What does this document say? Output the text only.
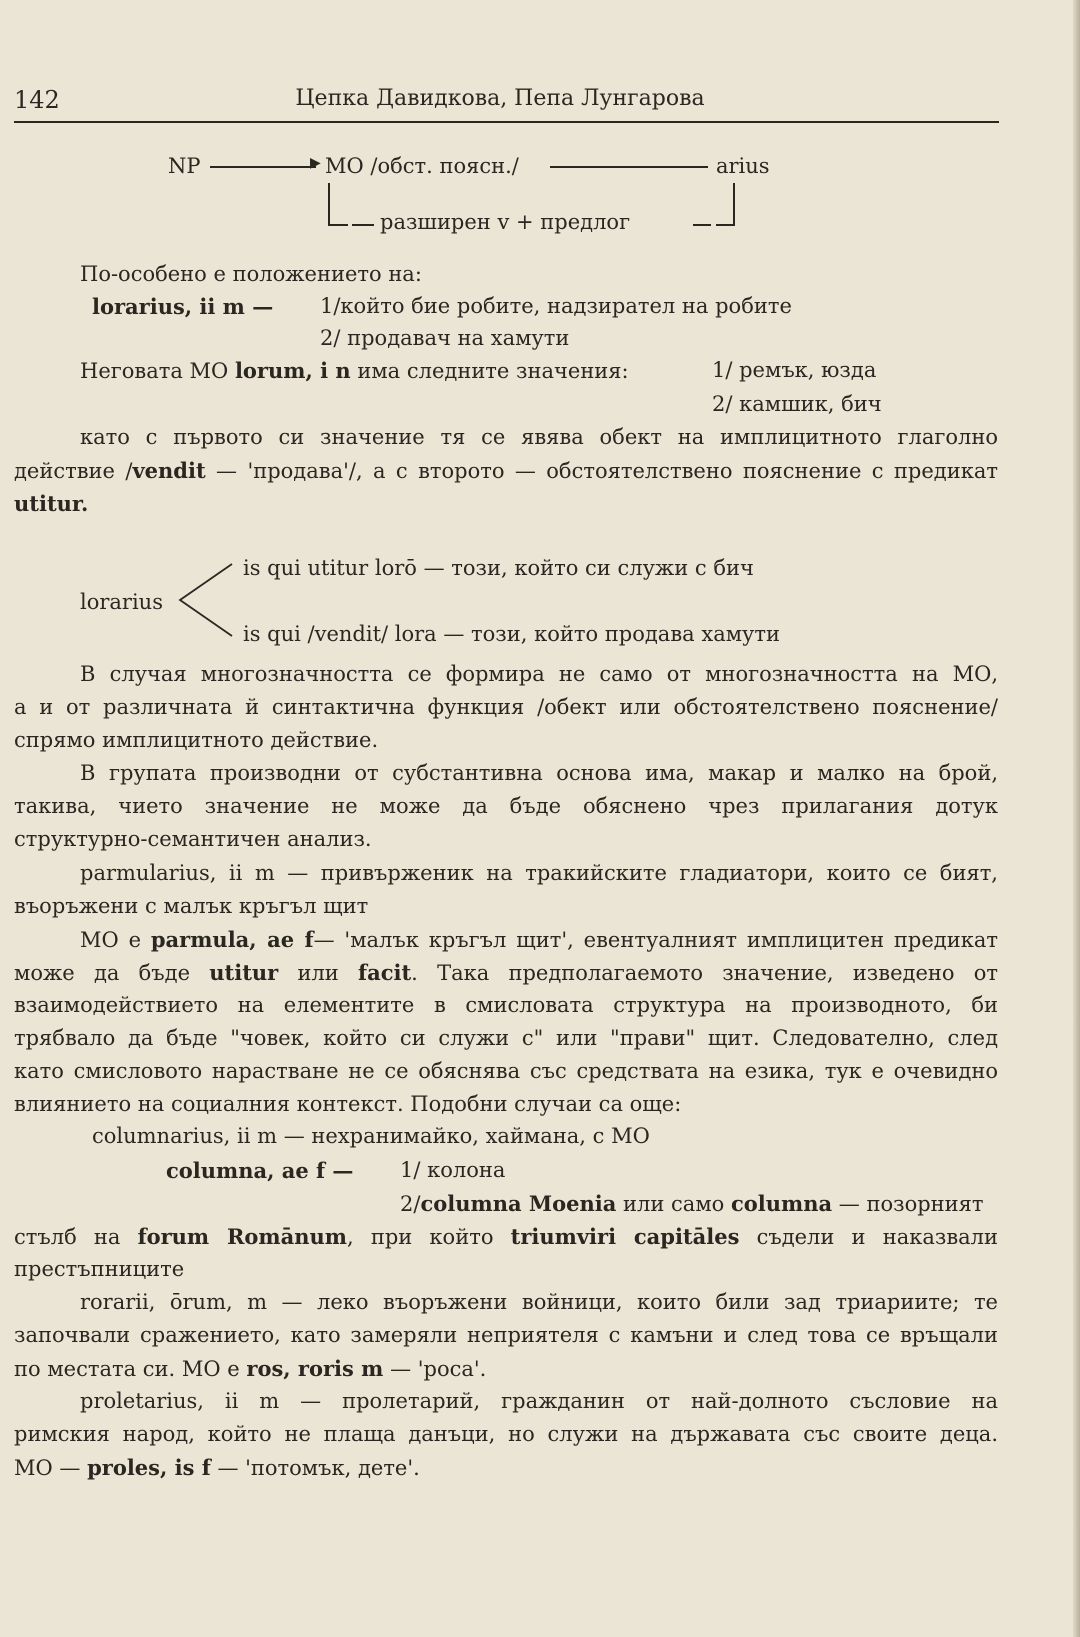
142	Цепка Давидкова, Пепа Лунгарова
NP	▶ MO /обст. поясн./	arius
разширен v + предлог
По-особено е положението на:
lorarius, ii m — 1/който бие робите, надзирател на робите
2/ продавач на хамути
Неговата МО lorum, i n има следните значения:	1/ ремък, юзда
2/ камшик, бич
като с първото си значение тя се явява обект на имплицитното глаголно
действие /vendit — 'продава'/, а с второто — обстоятелствено пояснение с предикат
utitur.
lorarius
is qui utitur lorō — този, който си служи с бич
is qui /vendit/ lora — този, който продава хамути
В случая многозначността се формира не само от многозначността на МО,
а и от различната й синтактична функция /обект или обстоятелствено пояснение/
спрямо имплицитното действие.
В групата производни от субстантивна основа има, макар и малко на брой,
такива, чието значение не може да бъде обяснено чрез прилагания дотук
структурно-семантичен анализ.
parmularius, ii m — привърженик на тракийските гладиатори, които се бият,
въоръжени с малък кръгъл щит
МО е parmula, ae f— 'малък кръгъл щит', евентуалният имплицитен предикат
може да бъде utitur или facit. Така предполагаемото значение, изведено от
взаимодействието на елементите в смисловата структура на производното, би
трябвало да бъде "човек, който си служи с" или "прави" щит. Следователно, след
като смисловото нарастване не се обяснява със средствата на езика, тук е очевидно
влиянието на социалния контекст. Подобни случаи са още:
columnarius, ii m — нехранимайко, хаймана, с МО
columna, ae f — 1/ колона
2/columna Moenia или само columna — позорният
стълб на forum Romānum, при който triumviri capitāles съдели и наказвали
престъпниците
rorarii, ōrum, m — леко въоръжени войници, които били зад триариите; те
започвали сражението, като замеряли неприятеля с камъни и след това се връщали
по местата си. МО е ros, roris m — 'роса'.
proletarius, ii m — пролетарий, гражданин от най-долното съсловие на
римския народ, който не плаща данъци, но служи на държавата със своите деца.
МО — proles, is f — 'потомък, дете'.
